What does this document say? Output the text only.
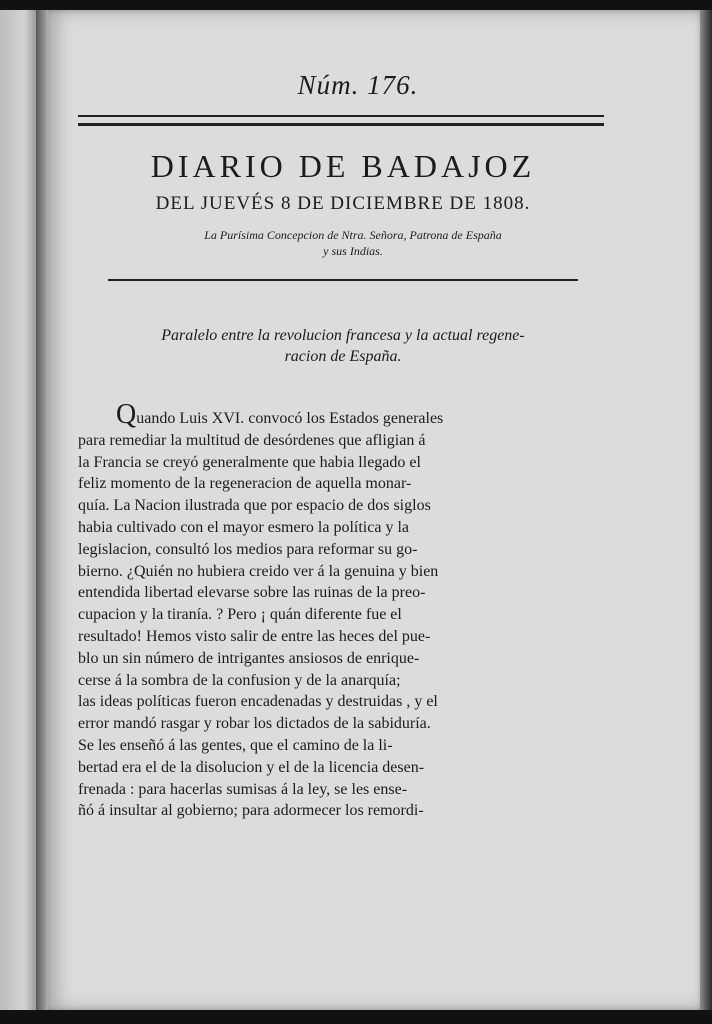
Núm. 176.
DIARIO DE BADAJOZ
DEL JUEVÉS 8 DE DICIEMBRE DE 1808.
La Purísima Concepcion de Ntra. Señora, Patrona de España
y sus Indias.
Paralelo entre la revolucion francesa y la actual regene-
racion de España.
Quando Luis XVI. convocó los Estados generales
para remediar la multitud de desórdenes que afligian á
la Francia se creyó generalmente que habia llegado el
feliz momento de la regeneracion de aquella monar-
quía. La Nacion ilustrada que por espacio de dos siglos
habia cultivado con el mayor esmero la política y la
legislacion, consultó los medios para reformar su go-
bierno. ¿Quién no hubiera creido ver á la genuina y bien
entendida libertad elevarse sobre las ruinas de la preo-
cupacion y la tiranía. ? Pero ¡ quán diferente fue el
resultado! Hemos visto salir de entre las heces del pue-
blo un sin número de intrigantes ansiosos de enrique-
cerse á la sombra de la confusion y de la anarquía;
las ideas políticas fueron encadenadas y destruidas , y el
error mandó rasgar y robar los dictados de la sabiduría.
Se les enseñó á las gentes, que el camino de la li-
bertad era el de la disolucion y el de la licencia desen-
frenada : para hacerlas sumisas á la ley, se les ense-
ñó á insultar al gobierno; para adormecer los remordi-
